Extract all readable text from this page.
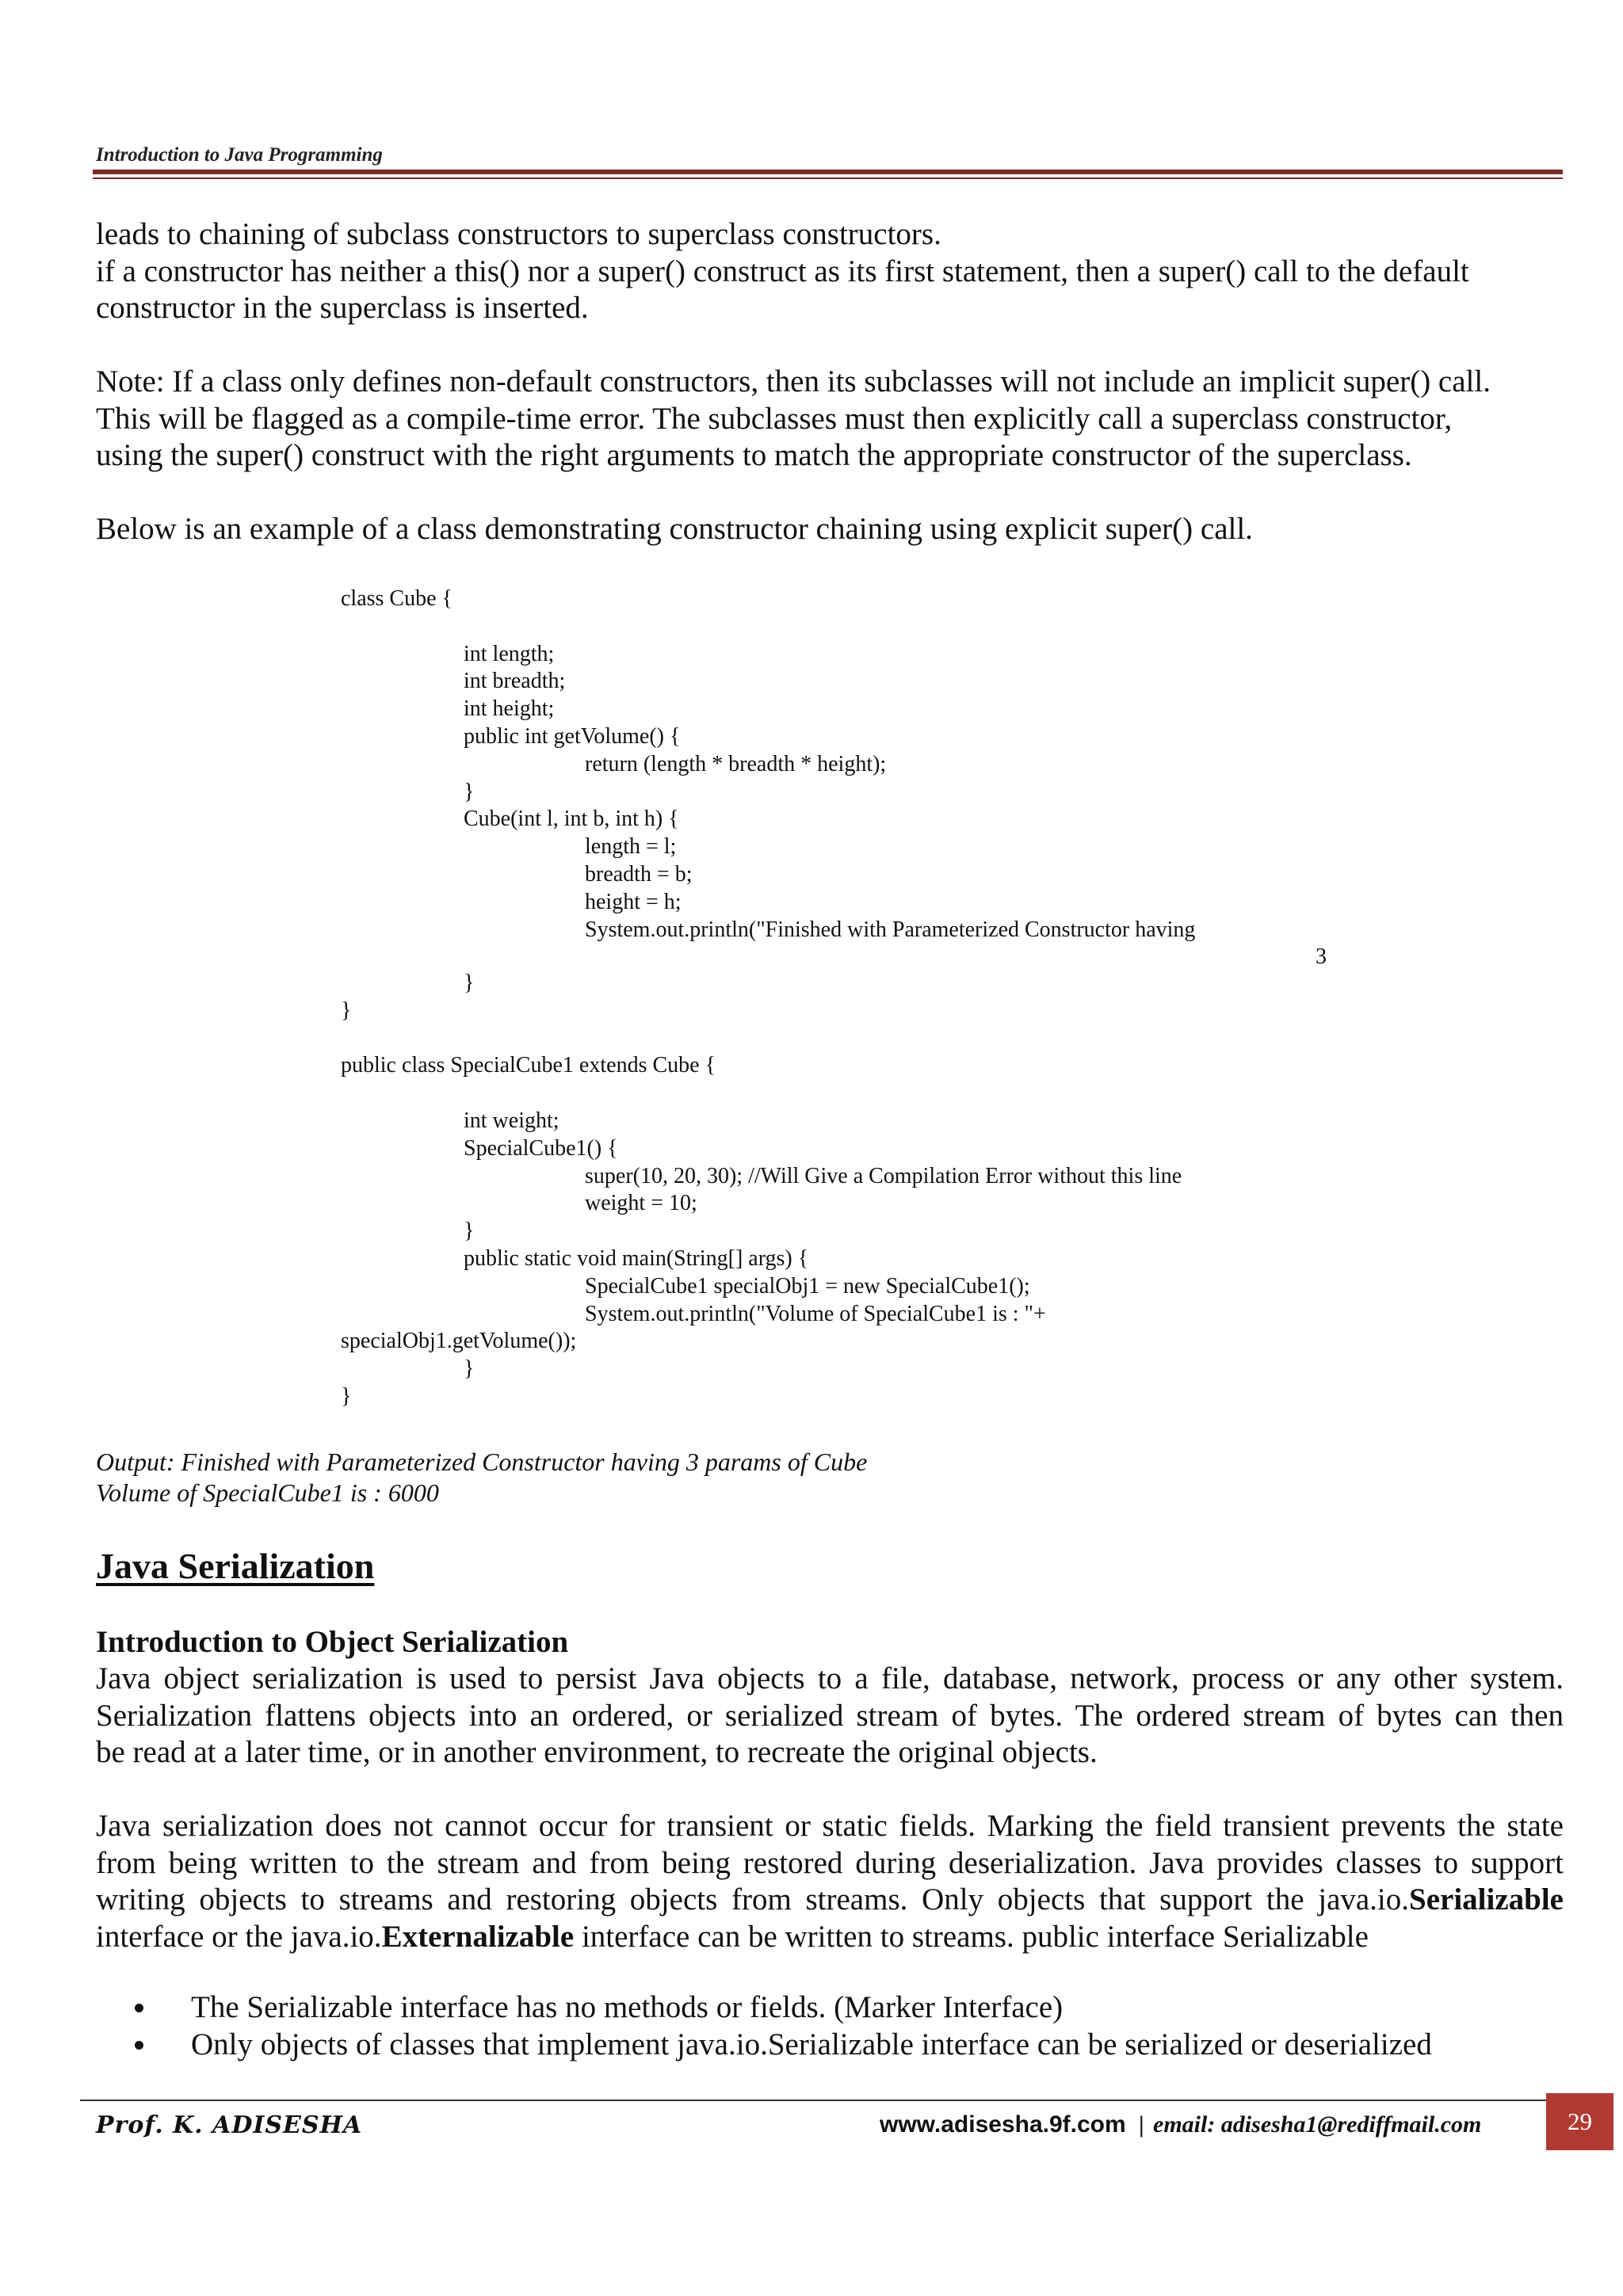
Introduction to Java Programming
leads to chaining of subclass constructors to superclass constructors.
if a constructor has neither a this() nor a super() construct as its first statement, then a super() call to the default
constructor in the superclass is inserted.
Note: If a class only defines non-default constructors, then its subclasses will not include an implicit super() call.
This will be flagged as a compile-time error. The subclasses must then explicitly call a superclass constructor,
using the super() construct with the right arguments to match the appropriate constructor of the superclass.
Below is an example of a class demonstrating constructor chaining using explicit super() call.
class Cube {
int length;
int breadth;
int height;
public int getVolume() {
return (length * breadth * height);
}
Cube(int l, int b, int h) {
length = l;
breadth = b;
height = h;
System.out.println("Finished with Parameterized Constructor having
3
}
}
public class SpecialCube1 extends Cube {
int weight;
SpecialCube1() {
super(10, 20, 30); //Will Give a Compilation Error without this line
weight = 10;
}
public static void main(String[] args) {
SpecialCube1 specialObj1 = new SpecialCube1();
System.out.println("Volume of SpecialCube1 is : "+
specialObj1.getVolume());
}
}
Output: Finished with Parameterized Constructor having 3 params of Cube
Volume of SpecialCube1 is : 6000
Java Serialization
Introduction to Object Serialization
Java object serialization is used to persist Java objects to a file, database, network, process or any other system.
Serialization flattens objects into an ordered, or serialized stream of bytes. The ordered stream of bytes can then
be read at a later time, or in another environment, to recreate the original objects.
Java serialization does not cannot occur for transient or static fields. Marking the field transient prevents the state
from being written to the stream and from being restored during deserialization. Java provides classes to support
writing objects to streams and restoring objects from streams. Only objects that support the java.io.Serializable
interface or the java.io.Externalizable interface can be written to streams. public interface Serializable
The Serializable interface has no methods or fields. (Marker Interface)
Only objects of classes that implement java.io.Serializable interface can be serialized or deserialized
Prof. K. ADISESHA	www.adisesha.9f.com | email: adisesha1@rediffmail.com	29
